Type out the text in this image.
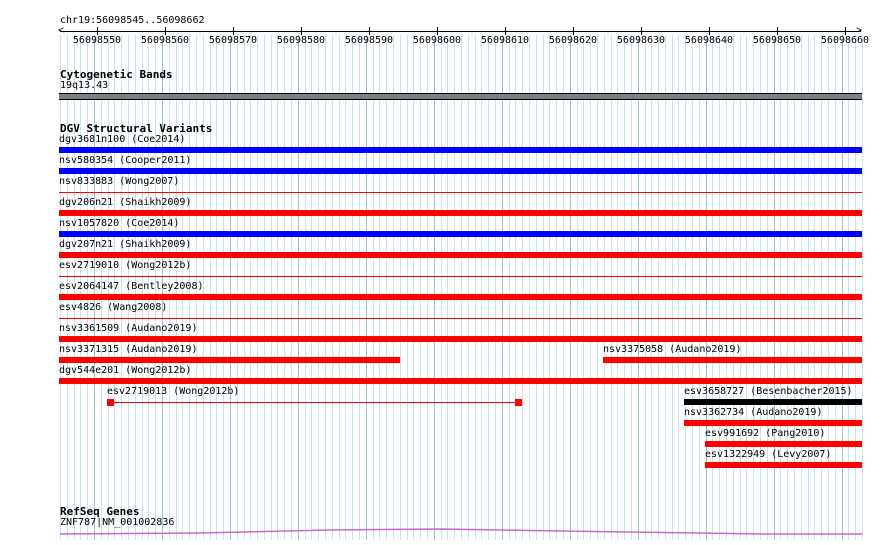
chr19:56098545..56098662
<	>
56098550 56098560 56098570 56098580 56098590 56098600 56098610 56098620 56098630 56098640 56098650 56098660
Cytogenetic Bands
19q13.43
DGV Structural Variants
dgv3681n100 (Coe2014)
nsv580354 (Cooper2011)
nsv833883 (Wong2007)
dgv206n21 (Shaikh2009)
nsv1057820 (Coe2014)
dgv207n21 (Shaikh2009)
esv2719010 (Wong2012b)
esv2064147 (Bentley2008)
esv4826 (Wang2008)
nsv3361509 (Audano2019)
nsv3371315 (Audano2019)	nsv3375058 (Audano2019)
dgv544e201 (Wong2012b)
esv2719013 (Wong2012b)	esv3658727 (Besenbacher2015)
nsv3362734 (Audano2019)
esv991692 (Pang2010)
esv1322949 (Levy2007)
RefSeq Genes
ZNF787|NM_001002836
